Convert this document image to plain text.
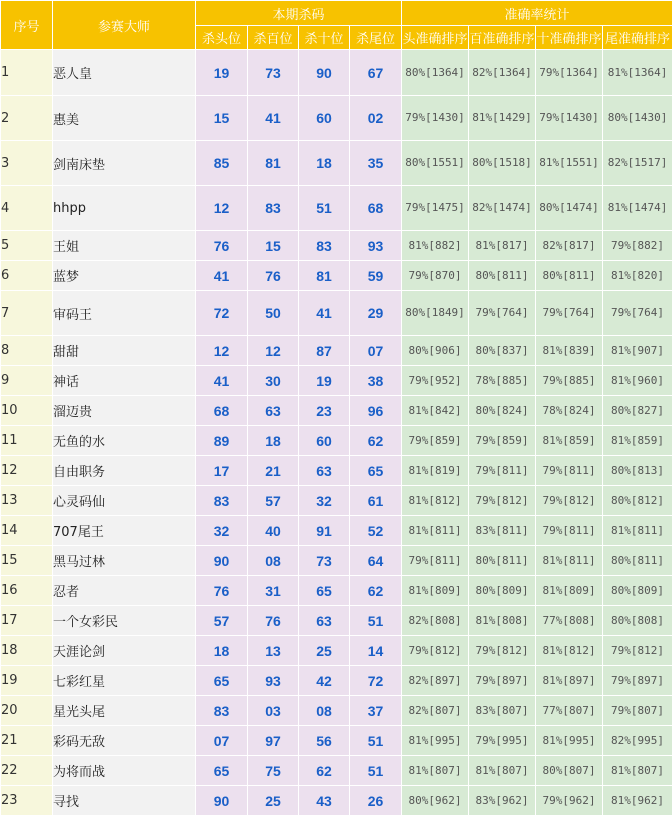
序号	参赛大师	本期杀码				准确率统计			
		杀头位	杀百位	杀十位	杀尾位	头准确排序	百准确排序	十准确排序	尾准确排序
1	恶人皇	19	73	90	67	80%[1364]	82%[1364]	79%[1364]	81%[1364]
2	惠美	15	41	60	02	79%[1430]	81%[1429]	79%[1430]	80%[1430]
3	剑南床垫	85	81	18	35	80%[1551]	80%[1518]	81%[1551]	82%[1517]
4	hhpp	12	83	51	68	79%[1475]	82%[1474]	80%[1474]	81%[1474]
5	王姐	76	15	83	93	81%[882]	81%[817]	82%[817]	79%[882]
6	蓝梦	41	76	81	59	79%[870]	80%[811]	80%[811]	81%[820]
7	审码王	72	50	41	29	80%[1849]	79%[764]	79%[764]	79%[764]
8	甜甜	12	12	87	07	80%[906]	80%[837]	81%[839]	81%[907]
9	神话	41	30	19	38	79%[952]	78%[885]	79%[885]	81%[960]
10	溜迈贵	68	63	23	96	81%[842]	80%[824]	78%[824]	80%[827]
11	无鱼的水	89	18	60	62	79%[859]	79%[859]	81%[859]	81%[859]
12	自由职务	17	21	63	65	81%[819]	79%[811]	79%[811]	80%[813]
13	心灵码仙	83	57	32	61	81%[812]	79%[812]	79%[812]	80%[812]
14	707尾王	32	40	91	52	81%[811]	83%[811]	79%[811]	81%[811]
15	黑马过林	90	08	73	64	79%[811]	80%[811]	81%[811]	80%[811]
16	忍者	76	31	65	62	81%[809]	80%[809]	81%[809]	80%[809]
17	一个女彩民	57	76	63	51	82%[808]	81%[808]	77%[808]	80%[808]
18	天涯论剑	18	13	25	14	79%[812]	79%[812]	81%[812]	79%[812]
19	七彩红星	65	93	42	72	82%[897]	79%[897]	81%[897]	79%[897]
20	星光头尾	83	03	08	37	82%[807]	83%[807]	77%[807]	79%[807]
21	彩码无敌	07	97	56	51	81%[995]	79%[995]	81%[995]	82%[995]
22	为将而战	65	75	62	51	81%[807]	81%[807]	80%[807]	81%[807]
23	寻找	90	25	43	26	80%[962]	83%[962]	79%[962]	81%[962]
